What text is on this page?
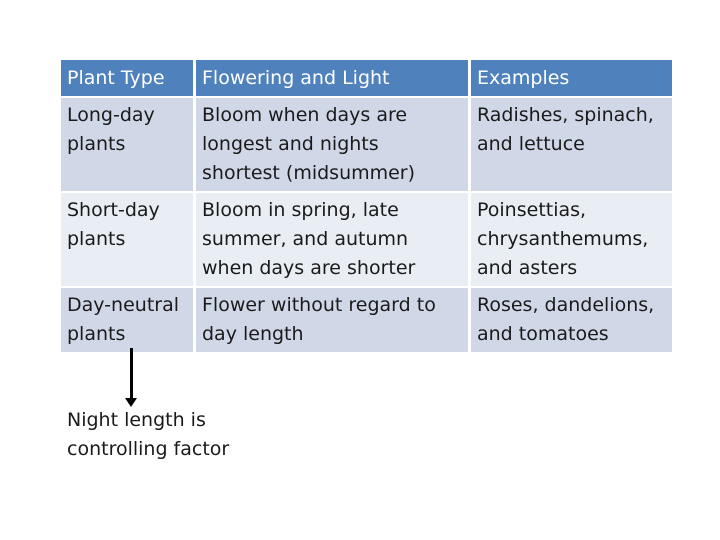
Plant Type	Flowering and Light	Examples
Long-day plants
Bloom when days are longest and nights shortest (midsummer)
Radishes, spinach, and lettuce
Short-day plants
Bloom in spring, late summer, and autumn when days are shorter
Poinsettias, chrysanthemums, and asters
Day-neutral plants
Flower without regard to day length
Roses, dandelions, and tomatoes
Night length is
controlling factor
